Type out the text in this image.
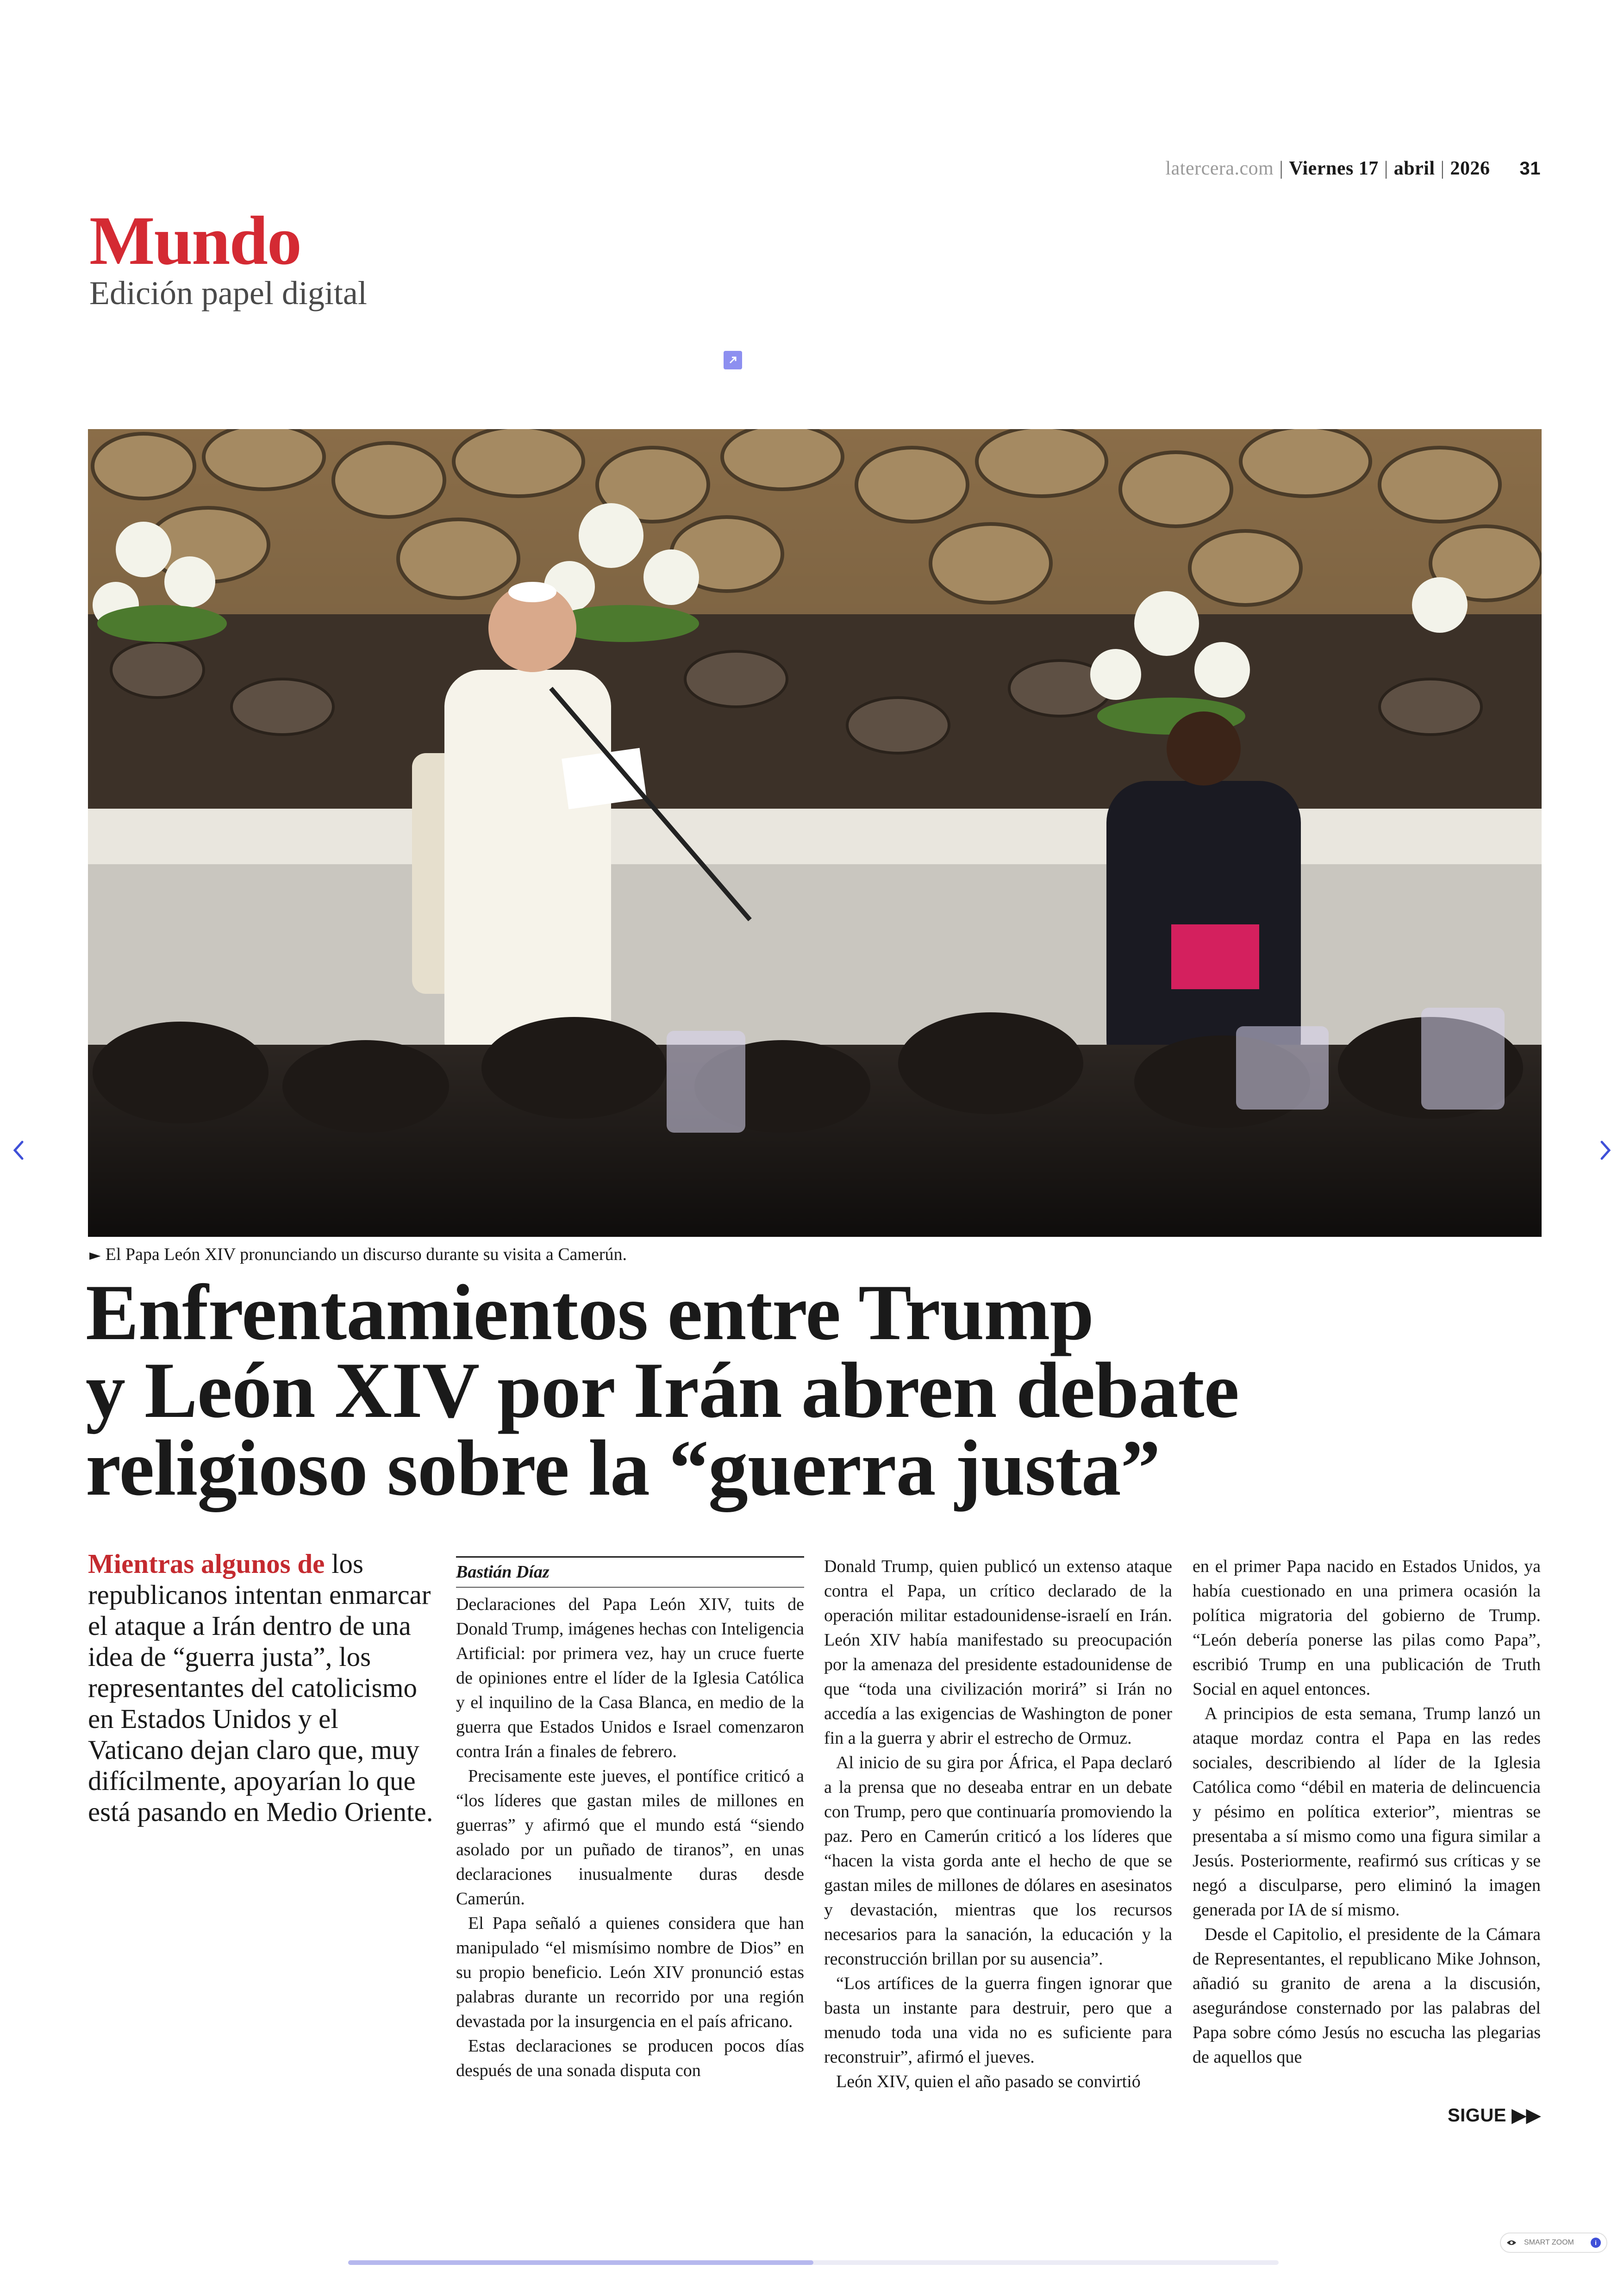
latercera.com | Viernes 17 | abril | 2026 31
Mundo
Edición papel digital
► El Papa León XIV pronunciando un discurso durante su visita a Camerún.
Enfrentamientos entre Trump
y León XIV por Irán abren debate
religioso sobre la “guerra justa”
Mientras algunos de los republicanos intentan enmarcar el ataque a Irán dentro de una idea de “guerra justa”, los representantes del catolicismo en Estados Unidos y el Vaticano dejan claro que, muy difícilmente, apoyarían lo que está pasando en Medio Oriente.
Bastián Díaz

Declaraciones del Papa León XIV, tuits de Donald Trump, imágenes hechas con Inteligencia Artificial: por primera vez, hay un cruce fuerte de opiniones entre el líder de la Iglesia Católica y el inquilino de la Casa Blanca, en medio de la guerra que Estados Unidos e Israel comenzaron contra Irán a finales de febrero.

Precisamente este jueves, el pontífice criticó a “los líderes que gastan miles de millones en guerras” y afirmó que el mundo está “siendo asolado por un puñado de tiranos”, en unas declaraciones inusualmente duras desde Camerún.

El Papa señaló a quienes considera que han manipulado “el mismísimo nombre de Dios” en su propio beneficio. León XIV pronunció estas palabras durante un recorrido por una región devastada por la insurgencia en el país africano.

Estas declaraciones se producen pocos días después de una sonada disputa con

Donald Trump, quien publicó un extenso ataque contra el Papa, un crítico declarado de la operación militar estadounidense-israelí en Irán. León XIV había manifestado su preocupación por la amenaza del presidente estadounidense de que “toda una civilización morirá” si Irán no accedía a las exigencias de Washington de poner fin a la guerra y abrir el estrecho de Ormuz.

Al inicio de su gira por África, el Papa declaró a la prensa que no deseaba entrar en un debate con Trump, pero que continuaría promoviendo la paz. Pero en Camerún criticó a los líderes que “hacen la vista gorda ante el hecho de que se gastan miles de millones de dólares en asesinatos y devastación, mientras que los recursos necesarios para la sanación, la educación y la reconstrucción brillan por su ausencia”.

“Los artífices de la guerra fingen ignorar que basta un instante para destruir, pero que a menudo toda una vida no es suficiente para reconstruir”, afirmó el jueves.

León XIV, quien el año pasado se convirtió

en el primer Papa nacido en Estados Unidos, ya había cuestionado en una primera ocasión la política migratoria del gobierno de Trump. “León debería ponerse las pilas como Papa”, escribió Trump en una publicación de Truth Social en aquel entonces.

A principios de esta semana, Trump lanzó un ataque mordaz contra el Papa en las redes sociales, describiendo al líder de la Iglesia Católica como “débil en materia de delincuencia y pésimo en política exterior”, mientras se presentaba a sí mismo como una figura similar a Jesús. Posteriormente, reafirmó sus críticas y se negó a disculparse, pero eliminó la imagen generada por IA de sí mismo.

Desde el Capitolio, el presidente de la Cámara de Representantes, el republicano Mike Johnson, añadió su granito de arena a la discusión, asegurándose consternado por las palabras del Papa sobre cómo Jesús no escucha las plegarias de aquellos que

SIGUE ▶▶
SMART ZOOM	i
